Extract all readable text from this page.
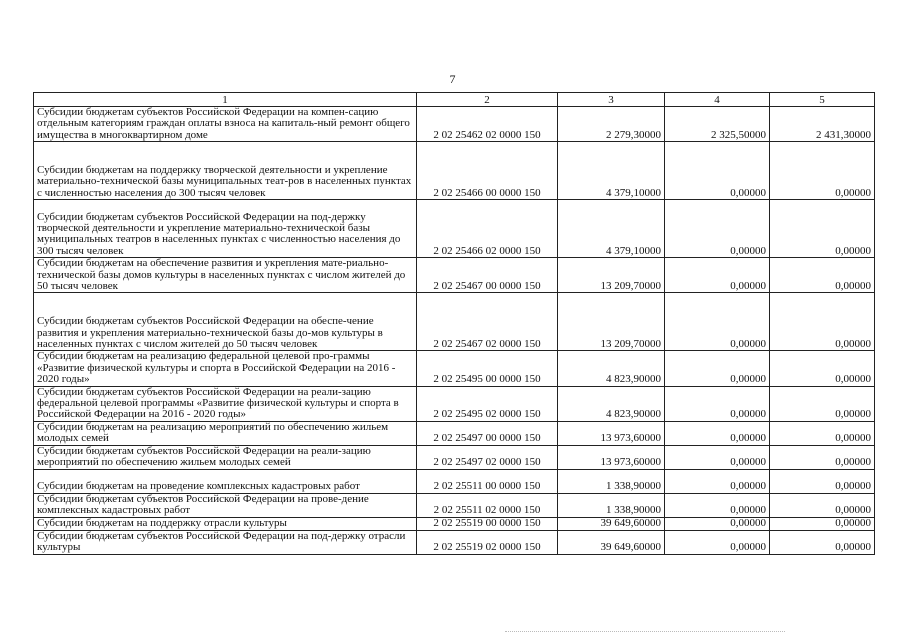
7
1	2	3	4	5
Субсидии бюджетам субъектов Российской Федерации на компен-сацию отдельным категориям граждан оплаты взноса на капиталь-ный ремонт общего имущества в многоквартирном доме	2 02 25462 02 0000 150	2 279,30000	2 325,50000	2 431,30000
Субсидии бюджетам на поддержку творческой деятельности и укрепление материально-технической базы муниципальных теат-ров в населенных пунктах с численностью населения до 300 тысяч человек	2 02 25466 00 0000 150	4 379,10000	0,00000	0,00000
Субсидии бюджетам субъектов Российской Федерации на под-держку творческой деятельности и укрепление материально-технической базы муниципальных театров в населенных пунктах с численностью населения до 300 тысяч человек	2 02 25466 02 0000 150	4 379,10000	0,00000	0,00000
Субсидии бюджетам на обеспечение развития и укрепления мате-риально-технической базы домов культуры в населенных пунктах с числом жителей до 50 тысяч человек	2 02 25467 00 0000 150	13 209,70000	0,00000	0,00000
Субсидии бюджетам субъектов Российской Федерации на обеспе-чение развития и укрепления материально-технической базы до-мов культуры в населенных пунктах с числом жителей до 50 тысяч человек	2 02 25467 02 0000 150	13 209,70000	0,00000	0,00000
Субсидии бюджетам на реализацию федеральной целевой про-граммы «Развитие физической культуры и спорта в Российской Федерации на 2016 - 2020 годы»	2 02 25495 00 0000 150	4 823,90000	0,00000	0,00000
Субсидии бюджетам субъектов Российской Федерации на реали-зацию федеральной целевой программы «Развитие физической культуры и спорта в Российской Федерации на 2016 - 2020 годы»	2 02 25495 02 0000 150	4 823,90000	0,00000	0,00000
Субсидии бюджетам на реализацию мероприятий по обеспечению жильем молодых семей	2 02 25497 00 0000 150	13 973,60000	0,00000	0,00000
Субсидии бюджетам субъектов Российской Федерации на реали-зацию мероприятий по обеспечению жильем молодых семей	2 02 25497 02 0000 150	13 973,60000	0,00000	0,00000
Субсидии бюджетам на проведение комплексных кадастровых работ	2 02 25511 00 0000 150	1 338,90000	0,00000	0,00000
Субсидии бюджетам субъектов Российской Федерации на прове-дение комплексных кадастровых работ	2 02 25511 02 0000 150	1 338,90000	0,00000	0,00000
Субсидии бюджетам на поддержку отрасли культуры	2 02 25519 00 0000 150	39 649,60000	0,00000	0,00000
Субсидии бюджетам субъектов Российской Федерации на под-держку отрасли культуры	2 02 25519 02 0000 150	39 649,60000	0,00000	0,00000
